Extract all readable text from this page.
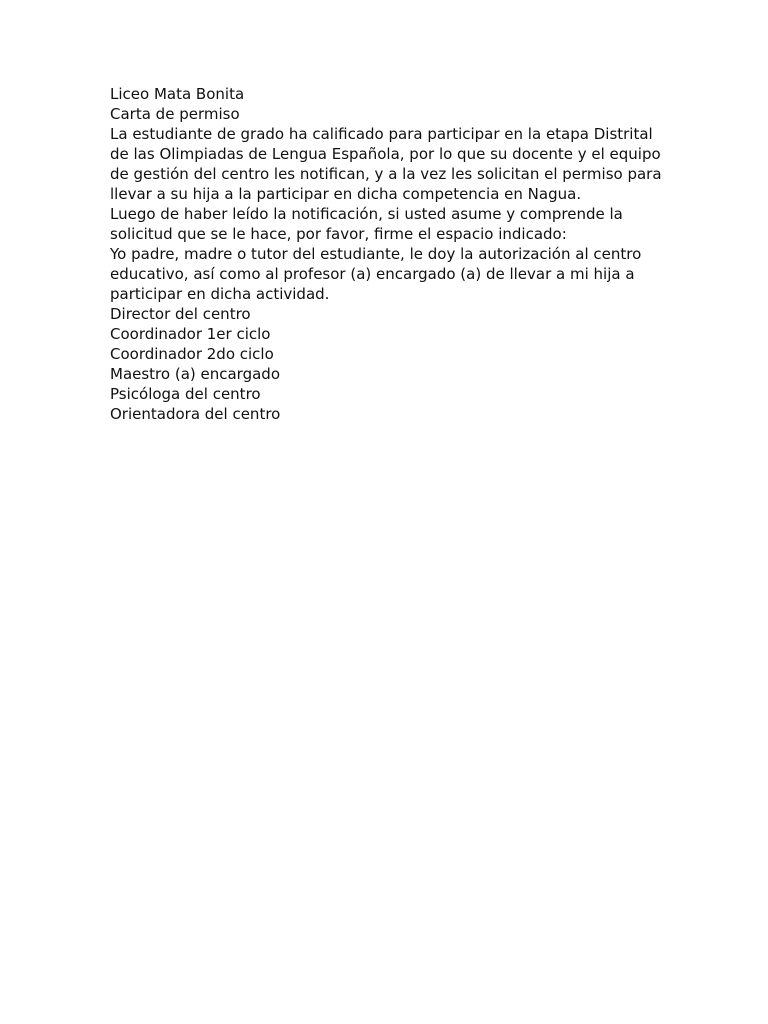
Liceo Mata Bonita

Carta de permiso

La estudiante de grado ha calificado para participar en la etapa Distrital de las Olimpiadas de Lengua Española, por lo que su docente y el equipo de gestión del centro les notifican, y a la vez les solicitan el permiso para llevar a su hija a la participar en dicha competencia en Nagua.

Luego de haber leído la notificación, si usted asume y comprende la solicitud que se le hace, por favor, firme el espacio indicado:

Yo padre, madre o tutor del estudiante, le doy la autorización al centro educativo, así como al profesor (a) encargado (a) de llevar a mi hija a participar en dicha actividad.

Director del centro

Coordinador 1er ciclo

Coordinador 2do ciclo

Maestro (a) encargado

Psicóloga del centro

Orientadora del centro
